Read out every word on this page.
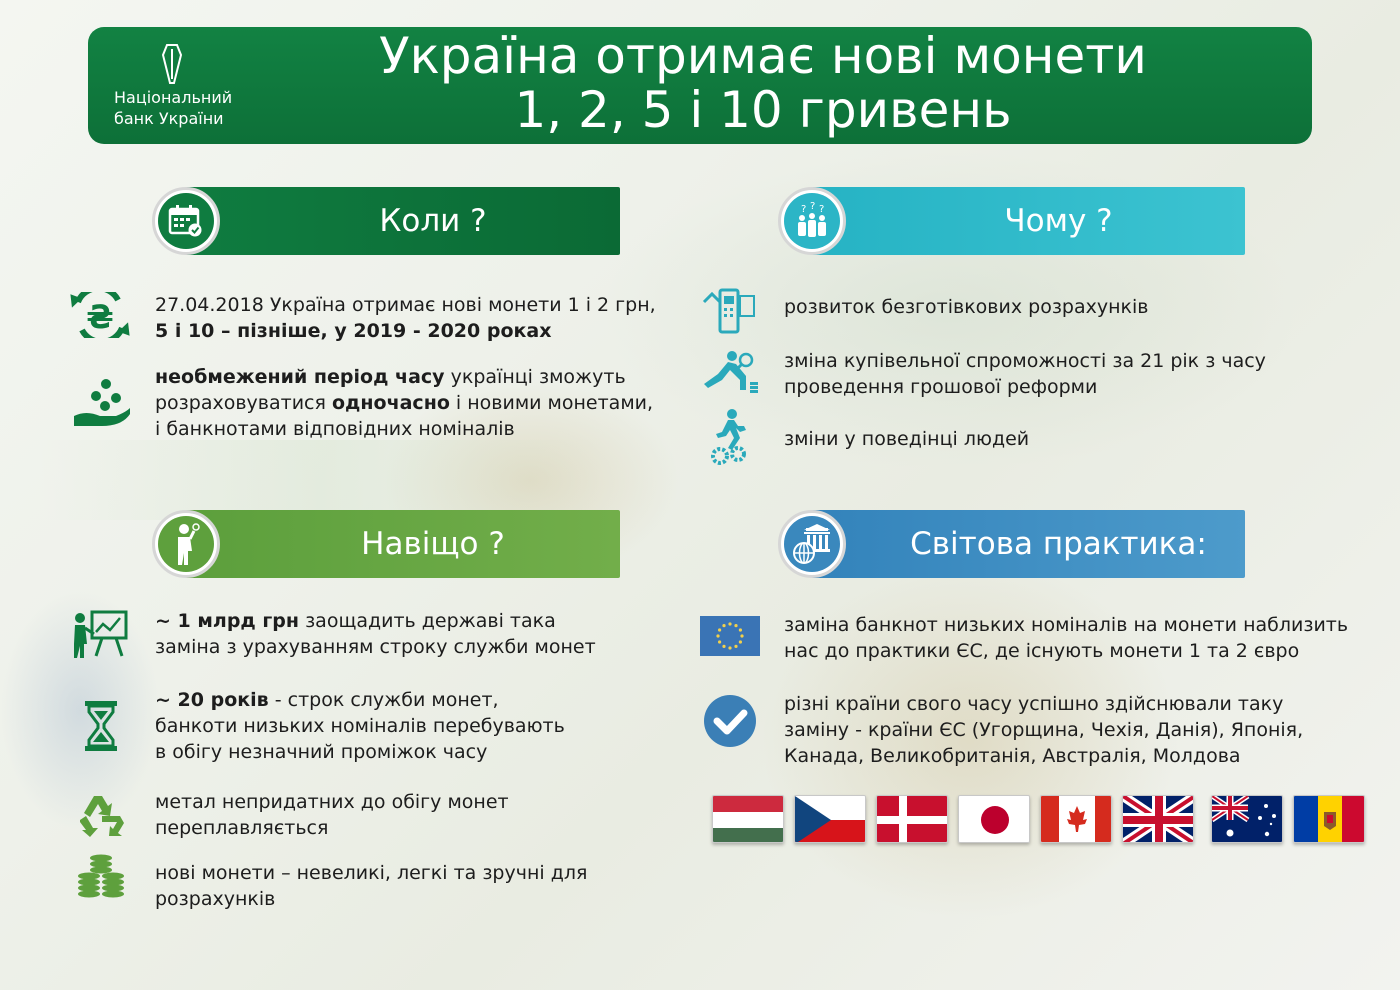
Національний
банк України
Україна отримає нові монети
1, 2, 5 і 10 гривень
Коли ?
₴ 27.04.2018 Україна отримає нові монети 1 і 2 грн,
5 і 10 – пізніше, у 2019 - 2020 роках
необмежений період часу українці зможуть
розраховуватися одночасно і новими монетами,
і банкнотами відповідних номіналів
Чому ?
? ? ?
розвиток безготівкових розрахунків
зміна купівельної спроможності за 21 рік з часу
проведення грошової реформи
зміни у поведінці людей
Навіщо ?
~ 1 млрд грн заощадить державі така
заміна з урахуванням строку служби монет
~ 20 років - строк служби монет,
банкоти низьких номіналів перебувають
в обігу незначний проміжок часу
метал непридатних до обігу монет
переплавляється
нові монети – невеликі, легкі та зручні для
розрахунків
Світова практика:
заміна банкнот низьких номіналів на монети наблизить
нас до практики ЄС, де існують монети 1 та 2 євро
різні країни свого часу успішно здійснювали таку
заміну - країни ЄС (Угорщина, Чехія, Данія), Японія,
Канада, Великобританія, Австралія, Молдова
